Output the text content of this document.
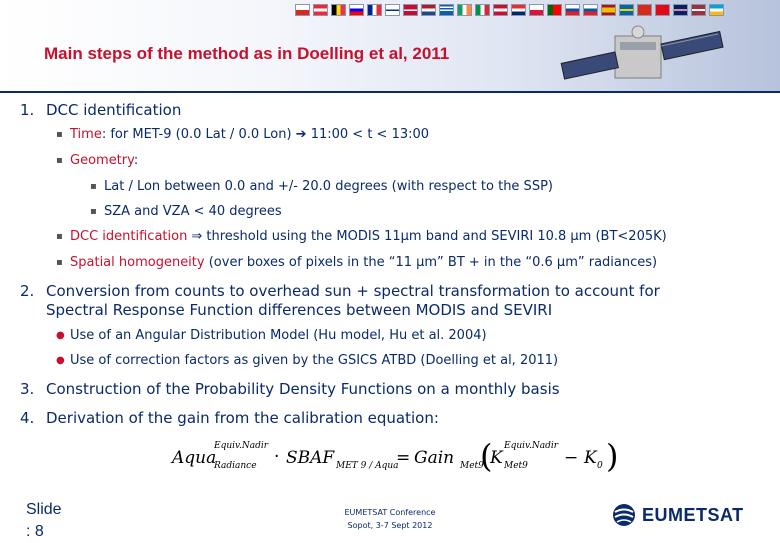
Main steps of the method as in Doelling et al, 2011

1. DCC identification

▪ Time: for MET-9 (0.0 Lat / 0.0 Lon) ➔ 11:00 < t < 13:00

▪ Geometry:

▪ Lat / Lon between 0.0 and +/- 20.0 degrees (with respect to the SSP)

▪ SZA and VZA < 40 degrees

▪ DCC identification ⇒ threshold using the MODIS 11μm band and SEVIRI 10.8 μm (BT<205K)

▪ Spatial homogeneity (over boxes of pixels in the “11 μm” BT + in the “0.6 μm” radiances)

2. Conversion from counts to overhead sun + spectral transformation to account for

Spectral Response Function differences between MODIS and SEVIRI

● Use of an Angular Distribution Model (Hu model, Hu et al. 2004)

● Use of correction factors as given by the GSICS ATBD (Doelling et al, 2011)

3. Construction of the Probability Density Functions on a monthly basis

4. Derivation of the gain from the calibration equation:

Aqua
Equiv.Nadir
Radiance · SBAF MET 9 / Aqua
= Gain Met9
(
K
Equiv.Nadir
Met9 − K 0 )
Slide
: 8
EUMETSAT Conference
Sopot, 3-7 Sept 2012
EUMETSAT
